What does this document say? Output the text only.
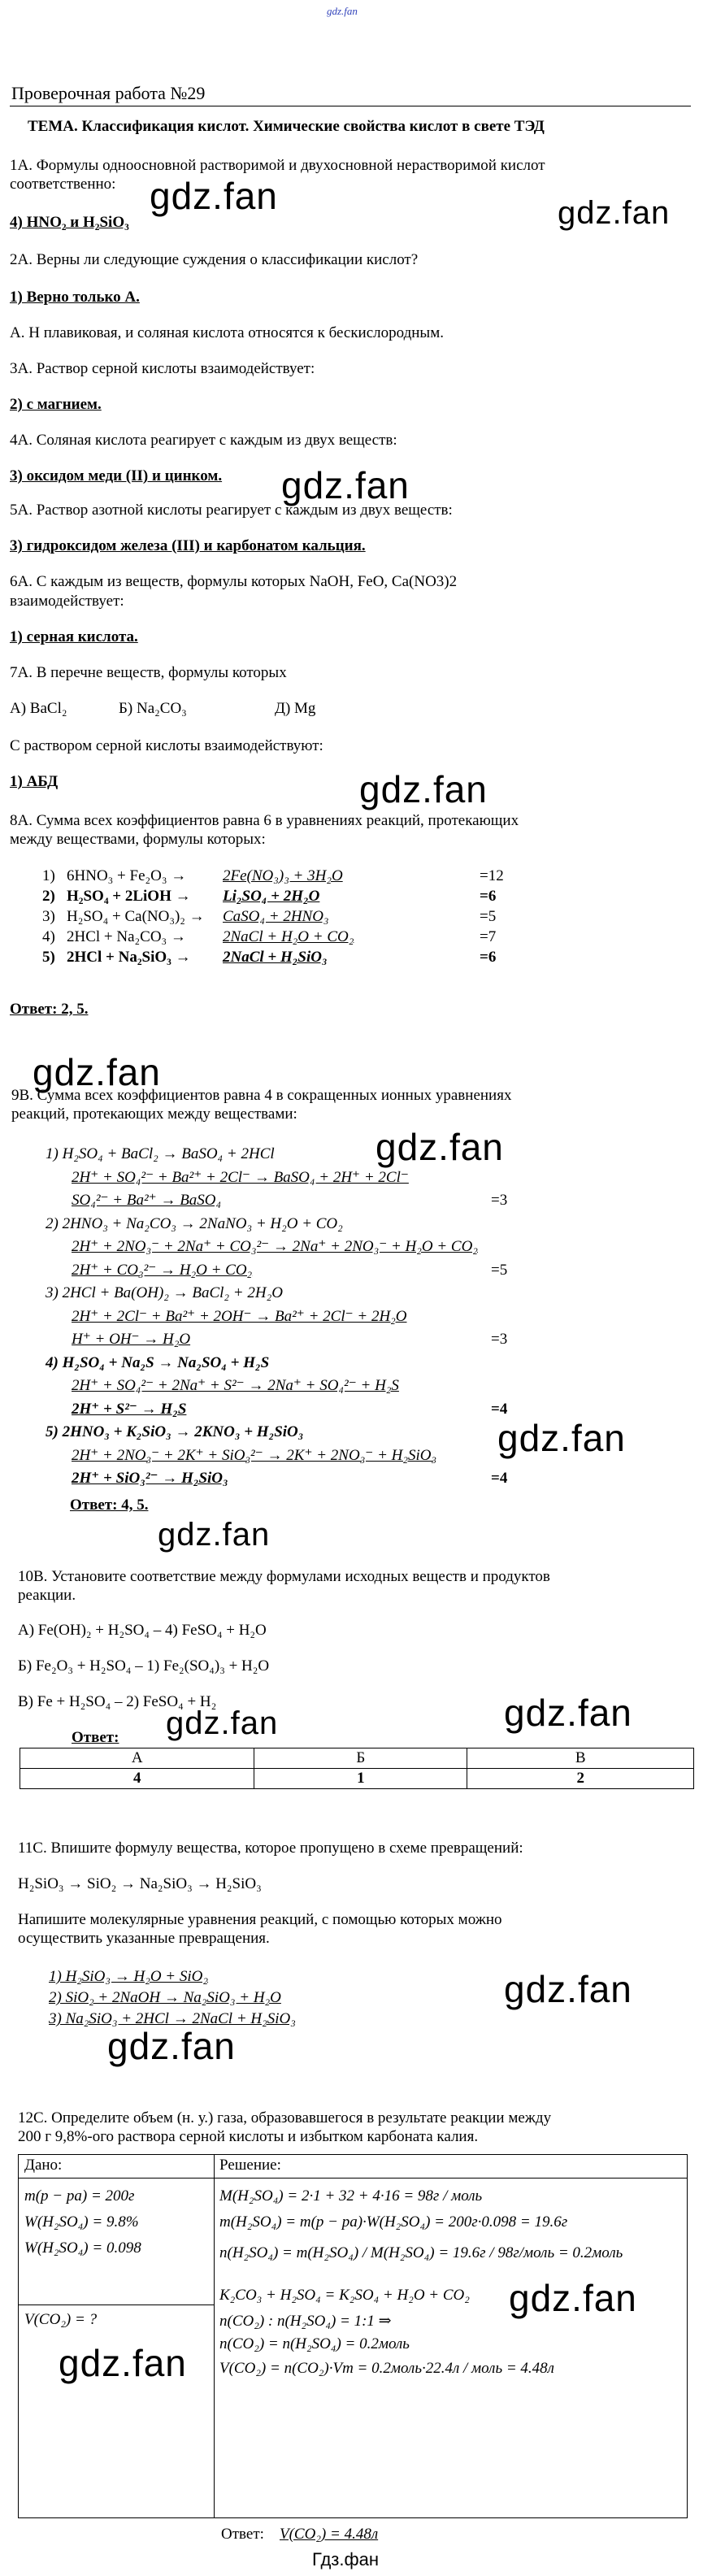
gdz.fan
Проверочная работа №29
ТЕМА. Классификация кислот. Химические свойства кислот в свете ТЭД
1А. Формулы одноосновной растворимой и двухосновной нерастворимой кислот
соответственно:
4) HNO₂ и H₂SiO₃
2А. Верны ли следующие суждения о классификации кислот?
1) Верно только А.
А. Н плавиковая, и соляная кислота относятся к бескислородным.
3А. Раствор серной кислоты взаимодействует:
2) с магнием.
4А. Соляная кислота реагирует с каждым из двух веществ:
3) оксидом меди (II) и цинком.
5А. Раствор азотной кислоты реагирует с каждым из двух веществ:
3) гидроксидом железа (III) и карбонатом кальция.
6А. С каждым из веществ, формулы которых NaOH, FeO, Ca(NO3)2
взаимодействует:
1) серная кислота.
7А. В перечне веществ, формулы которых
А) BaCl₂	Б) Na₂CO₃	Д) Mg
С раствором серной кислоты взаимодействуют:
1) АБД
8А. Сумма всех коэффициентов равна 6 в уравнениях реакций, протекающих
между веществами, формулы которых:
1) 6HNO₃ + Fe₂O₃ → 2Fe(NO₃)₃ + 3H₂O	=12
2) H₂SO₄ + 2LiOH → Li₂SO₄ + 2H₂O	=6
3) H₂SO₄ + Ca(NO₃)₂ → CaSO₄ + 2HNO₃	=5
4) 2HCl + Na₂CO₃ → 2NaCl + H₂O + CO₂	=7
5) 2HCl + Na₂SiO₃ → 2NaCl + H₂SiO₃	=6
Ответ: 2, 5.
9В. Сумма всех коэффициентов равна 4 в сокращенных ионных уравнениях
реакций, протекающих между веществами:
1) H₂SO₄ + BaCl₂ → BaSO₄ + 2HCl
2H⁺ + SO₄²⁻ + Ba²⁺ + 2Cl⁻ → BaSO₄ + 2H⁺ + 2Cl⁻
SO₄²⁻ + Ba²⁺ → BaSO₄	=3
2) 2HNO₃ + Na₂CO₃ → 2NaNO₃ + H₂O + CO₂
2H⁺ + 2NO₃⁻ + 2Na⁺ + CO₃²⁻ → 2Na⁺ + 2NO₃⁻ + H₂O + CO₂
2H⁺ + CO₃²⁻ → H₂O + CO₂	=5
3) 2HCl + Ba(OH)₂ → BaCl₂ + 2H₂O
2H⁺ + 2Cl⁻ + Ba²⁺ + 2OH⁻ → Ba²⁺ + 2Cl⁻ + 2H₂O
H⁺ + OH⁻ → H₂O	=3
4) H₂SO₄ + Na₂S → Na₂SO₄ + H₂S
2H⁺ + SO₄²⁻ + 2Na⁺ + S²⁻ → 2Na⁺ + SO₄²⁻ + H₂S
2H⁺ + S²⁻ → H₂S	=4
5) 2HNO₃ + K₂SiO₃ → 2KNO₃ + H₂SiO₃
2H⁺ + 2NO₃⁻ + 2K⁺ + SiO₃²⁻ → 2K⁺ + 2NO₃⁻ + H₂SiO₃
2H⁺ + SiO₃²⁻ → H₂SiO₃	=4
Ответ: 4, 5.
10В. Установите соответствие между формулами исходных веществ и продуктов
реакции.
А) Fe(OH)₂ + H₂SO₄ – 4) FeSO₄ + H₂O
Б) Fe₂O₃ + H₂SO₄ – 1) Fe₂(SO₄)₃ + H₂O
В) Fe + H₂SO₄ – 2) FeSO₄ + H₂
Ответ:
А	Б	В
4	1	2
11С. Впишите формулу вещества, которое пропущено в схеме превращений:
H₂SiO₃ → SiO₂ → Na₂SiO₃ → H₂SiO₃
Напишите молекулярные уравнения реакций, с помощью которых можно
осуществить указанные превращения.
1) H₂SiO₃ → H₂O + SiO₂
2) SiO₂ + 2NaOH → Na₂SiO₃ + H₂O
3) Na₂SiO₃ + 2HCl → 2NaCl + H₂SiO₃
12С. Определите объем (н. у.) газа, образовавшегося в результате реакции между
200 г 9,8%-ого раствора серной кислоты и избытком карбоната калия.
Дано:	Решение:
m(p − pa) = 200г
W(H₂SO₄) = 9.8%
W(H₂SO₄) = 0.098
V(CO₂) = ?
M(H₂SO₄) = 2·1 + 32 + 4·16 = 98г / моль
m(H₂SO₄) = m(p − pa)·W(H₂SO₄) = 200г·0.098 = 19.6г
n(H₂SO₄) = m(H₂SO₄) / M(H₂SO₄) = 19.6г / 98г/моль = 0.2моль
K₂CO₃ + H₂SO₄ = K₂SO₄ + H₂O + CO₂
n(CO₂) : n(H₂SO₄) = 1:1 ⇒
n(CO₂) = n(H₂SO₄) = 0.2моль
V(CO₂) = n(CO₂)·Vm = 0.2моль·22.4л / моль = 4.48л
Ответ: V(CO₂) = 4.48л
Гдз.фан
gdz.fan	gdz.fan
gdz.fan
gdz.fan
gdz.fan
gdz.fan
gdz.fan
gdz.fan
gdz.fan
gdz.fan
gdz.fan
gdz.fan
gdz.fan
gdz.fan
